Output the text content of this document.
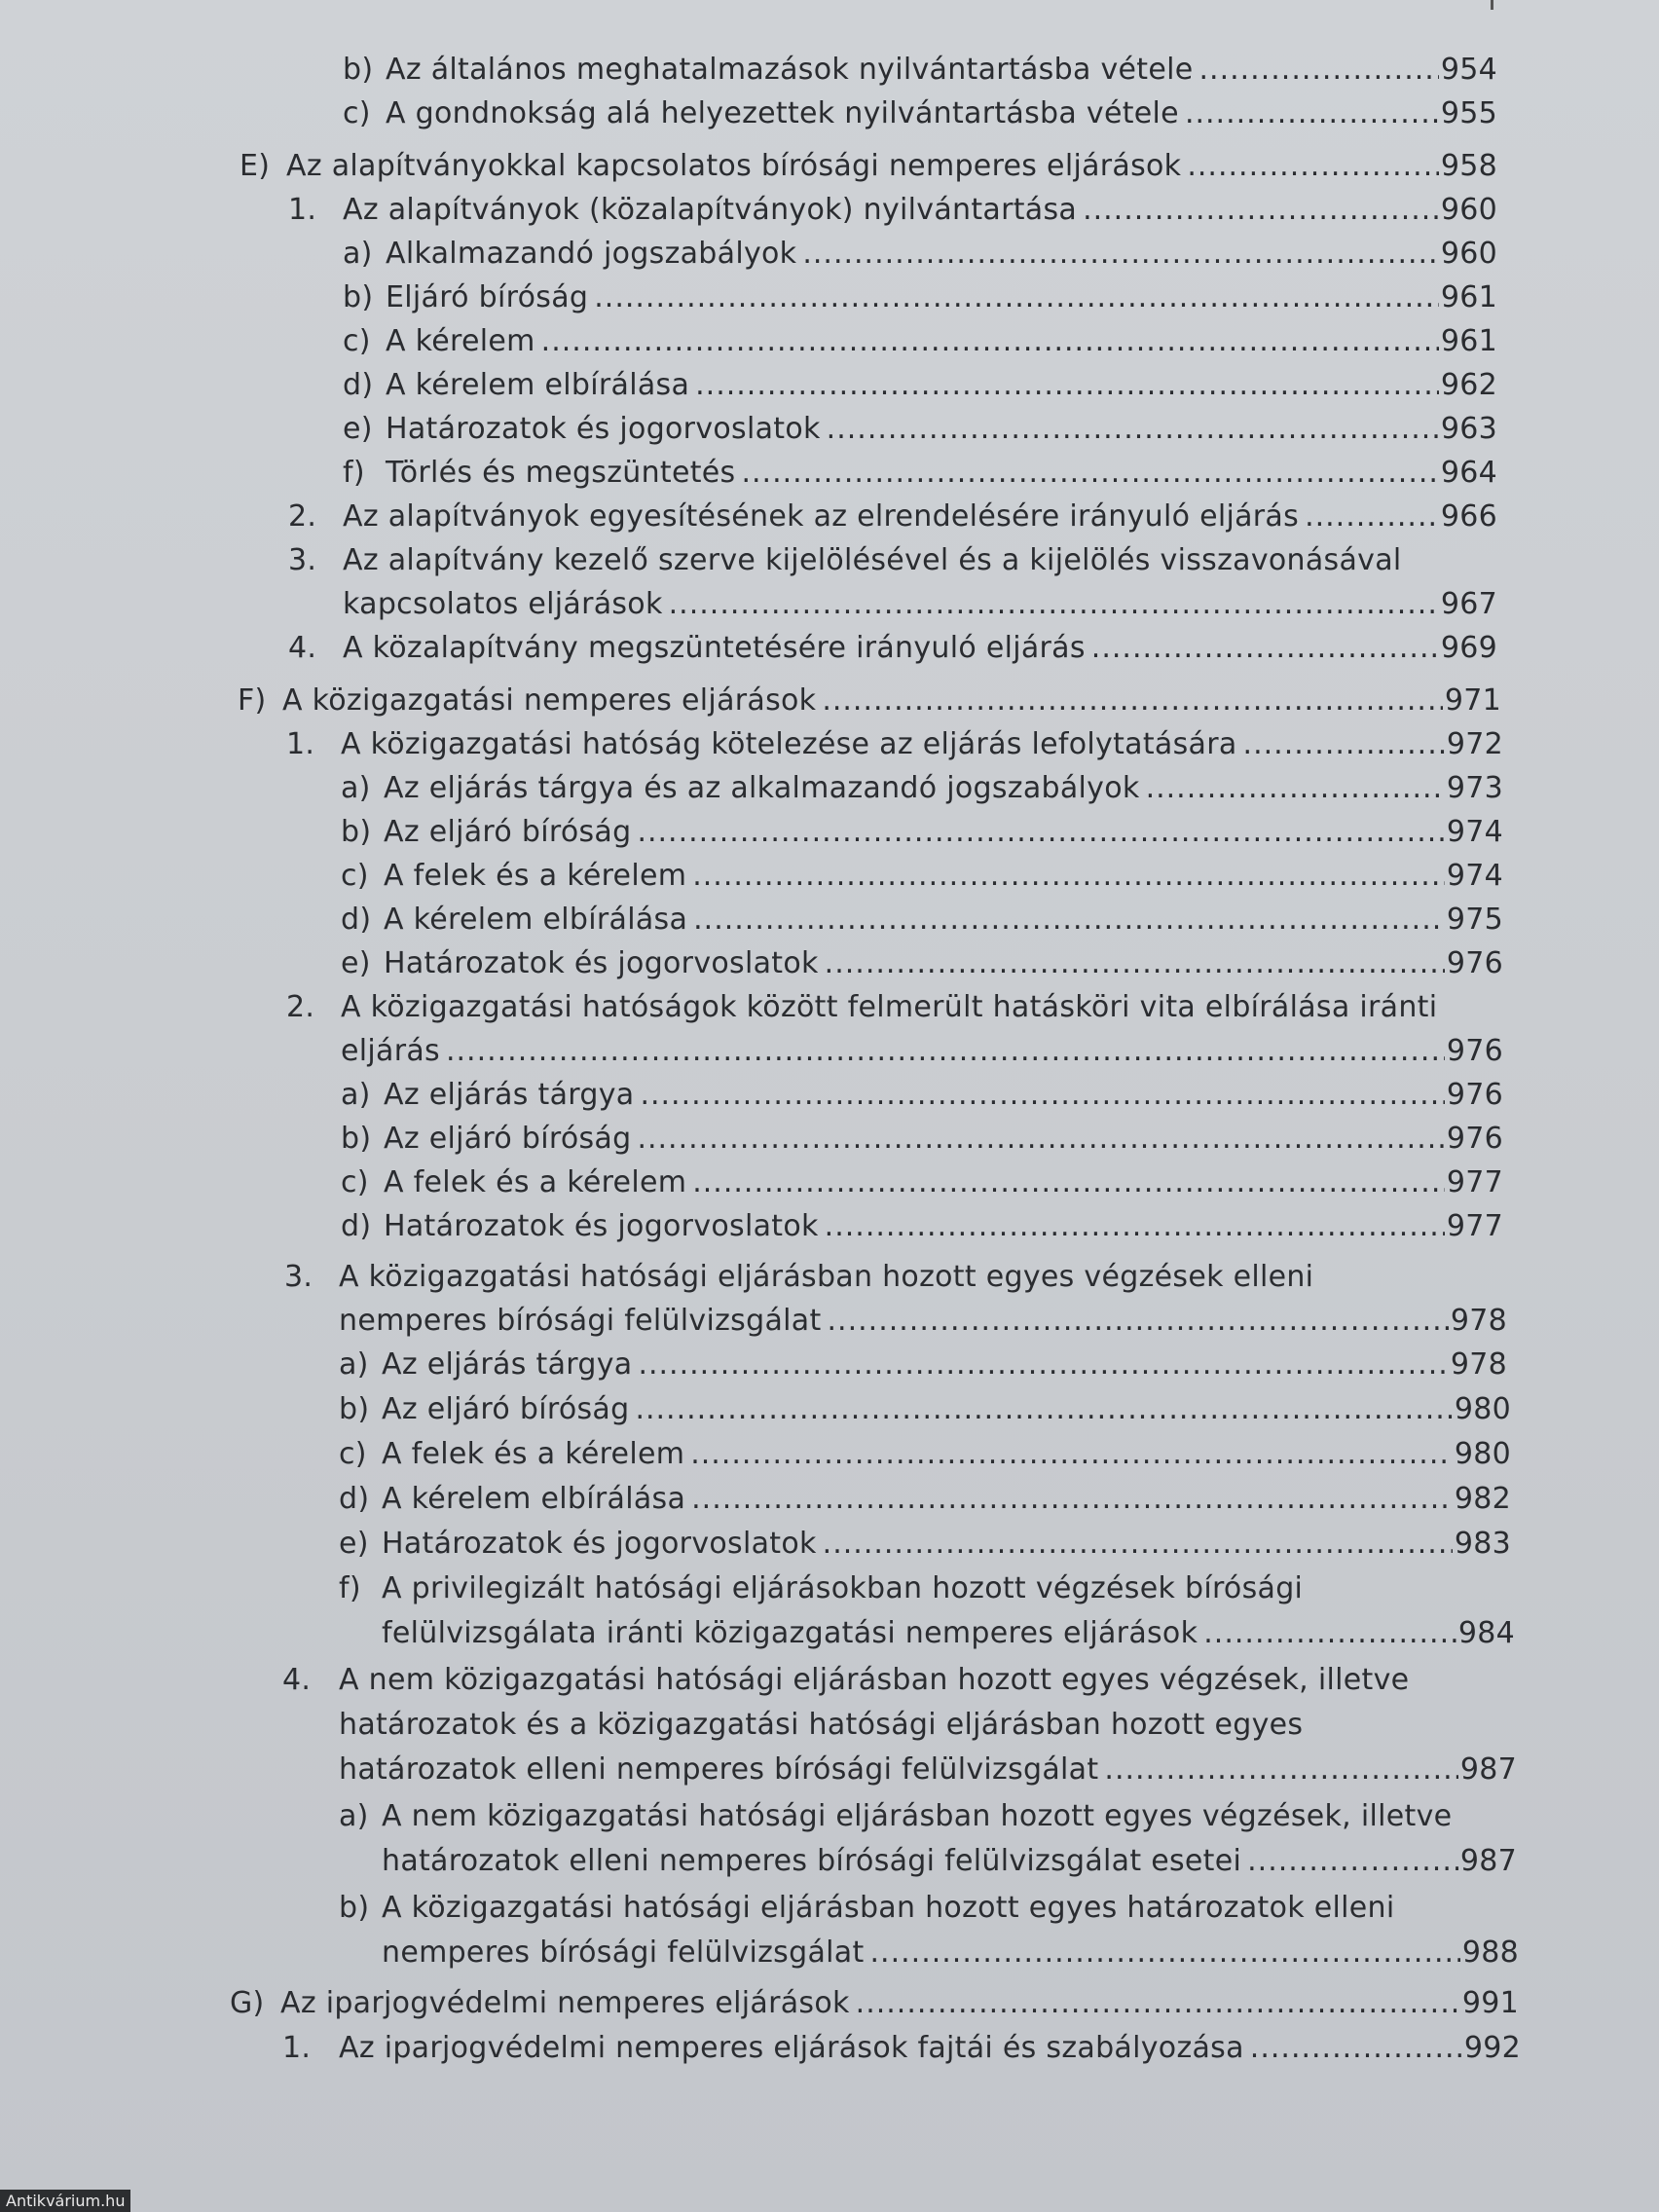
b) Az általános meghatalmazások nyilvántartásba vétele .....	954
c) A gondnokság alá helyezettek nyilvántartásba vétele .....	955
E) Az alapítványokkal kapcsolatos bírósági nemperes eljárások .....	958
1. Az alapítványok (közalapítványok) nyilvántartása .....	960
a) Alkalmazandó jogszabályok .....	960
b) Eljáró bíróság .....	961
c) A kérelem .....	961
d) A kérelem elbírálása .....	962
e) Határozatok és jogorvoslatok .....	963
f) Törlés és megszüntetés .....	964
2. Az alapítványok egyesítésének az elrendelésére irányuló eljárás .....	966
3. Az alapítvány kezelő szerve kijelölésével és a kijelölés visszavonásával
kapcsolatos eljárások .....	967
4. A közalapítvány megszüntetésére irányuló eljárás .....	969
F) A közigazgatási nemperes eljárások .....	971
1. A közigazgatási hatóság kötelezése az eljárás lefolytatására .....	972
a) Az eljárás tárgya és az alkalmazandó jogszabályok .....	973
b) Az eljáró bíróság .....	974
c) A felek és a kérelem .....	974
d) A kérelem elbírálása .....	975
e) Határozatok és jogorvoslatok .....	976
2. A közigazgatási hatóságok között felmerült hatásköri vita elbírálása iránti
eljárás .....	976
a) Az eljárás tárgya .....	976
b) Az eljáró bíróság .....	976
c) A felek és a kérelem .....	977
d) Határozatok és jogorvoslatok .....	977
3. A közigazgatási hatósági eljárásban hozott egyes végzések elleni
nemperes bírósági felülvizsgálat .....	978
a) Az eljárás tárgya .....	978
b) Az eljáró bíróság .....	980
c) A felek és a kérelem .....	980
d) A kérelem elbírálása .....	982
e) Határozatok és jogorvoslatok .....	983
f) A privilegizált hatósági eljárásokban hozott végzések bírósági
felülvizsgálata iránti közigazgatási nemperes eljárások .....	984
4. A nem közigazgatási hatósági eljárásban hozott egyes végzések, illetve
határozatok és a közigazgatási hatósági eljárásban hozott egyes
határozatok elleni nemperes bírósági felülvizsgálat .....	987
a) A nem közigazgatási hatósági eljárásban hozott egyes végzések, illetve
határozatok elleni nemperes bírósági felülvizsgálat esetei .....	987
b) A közigazgatási hatósági eljárásban hozott egyes határozatok elleni
nemperes bírósági felülvizsgálat .....	988
G) Az iparjogvédelmi nemperes eljárások .....	991
1. Az iparjogvédelmi nemperes eljárások fajtái és szabályozása .....	992
Antikvárium.hu
